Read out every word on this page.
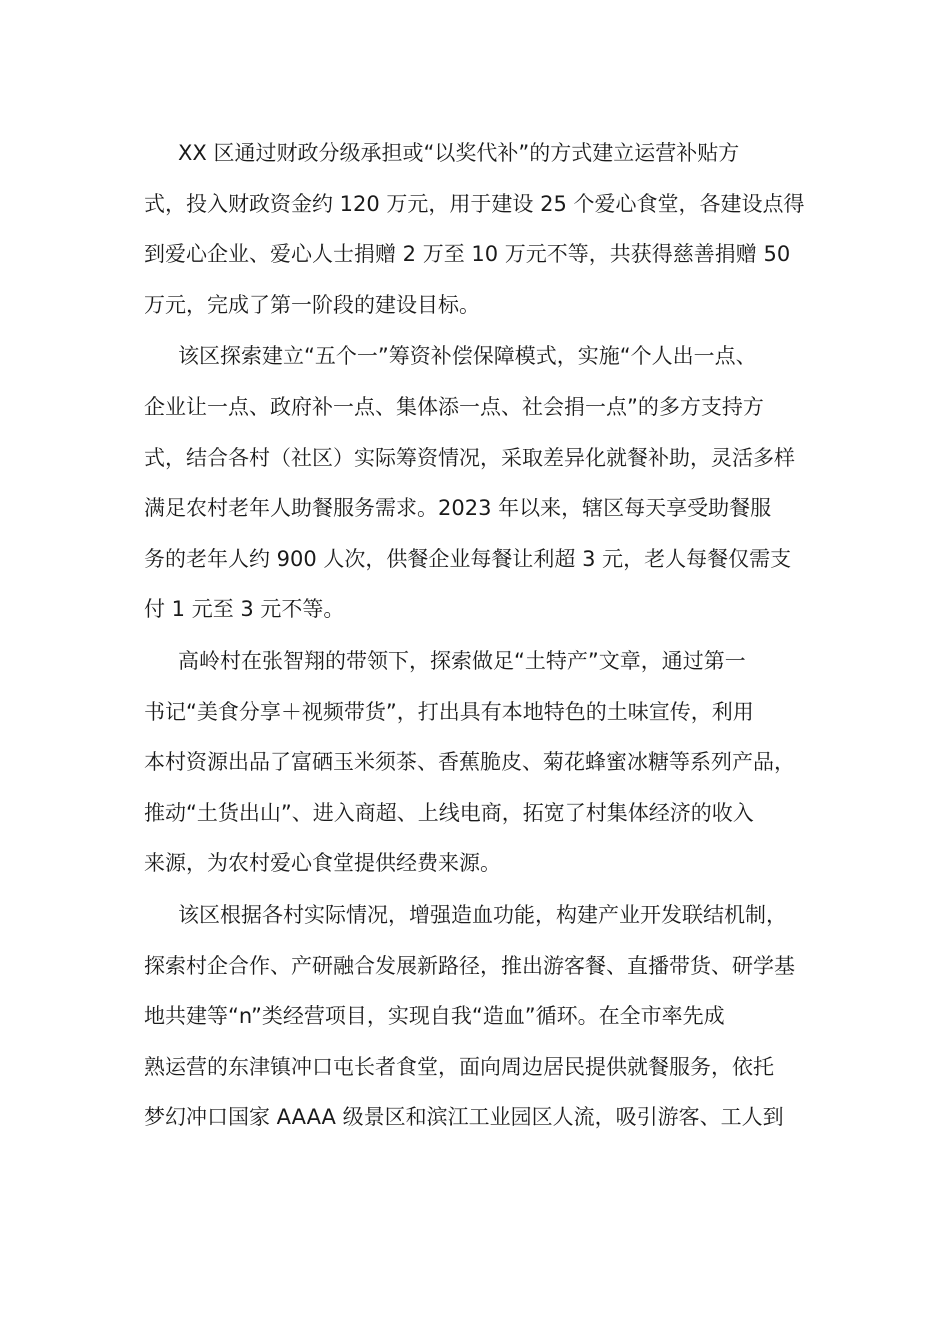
XX 区通过财政分级承担或“以奖代补”的方式建立运营补贴方
式，投入财政资金约 120 万元，用于建设 25 个爱心食堂，各建设点得
到爱心企业、爱心人士捐赠 2 万至 10 万元不等，共获得慈善捐赠 50
万元，完成了第一阶段的建设目标。

该区探索建立“五个一”筹资补偿保障模式，实施“个人出一点、
企业让一点、政府补一点、集体添一点、社会捐一点”的多方支持方
式，结合各村（社区）实际筹资情况，采取差异化就餐补助，灵活多样
满足农村老年人助餐服务需求。2023 年以来，辖区每天享受助餐服
务的老年人约 900 人次，供餐企业每餐让利超 3 元，老人每餐仅需支
付 1 元至 3 元不等。

高岭村在张智翔的带领下，探索做足“土特产”文章，通过第一
书记“美食分享＋视频带货”，打出具有本地特色的土味宣传，利用
本村资源出品了富硒玉米须茶、香蕉脆皮、菊花蜂蜜冰糖等系列产品，
推动“土货出山”、进入商超、上线电商，拓宽了村集体经济的收入
来源，为农村爱心食堂提供经费来源。

该区根据各村实际情况，增强造血功能，构建产业开发联结机制，
探索村企合作、产研融合发展新路径，推出游客餐、直播带货、研学基
地共建等“n”类经营项目，实现自我“造血”循环。在全市率先成
熟运营的东津镇冲口屯长者食堂，面向周边居民提供就餐服务，依托
梦幻冲口国家 AAAA 级景区和滨江工业园区人流，吸引游客、工人到
